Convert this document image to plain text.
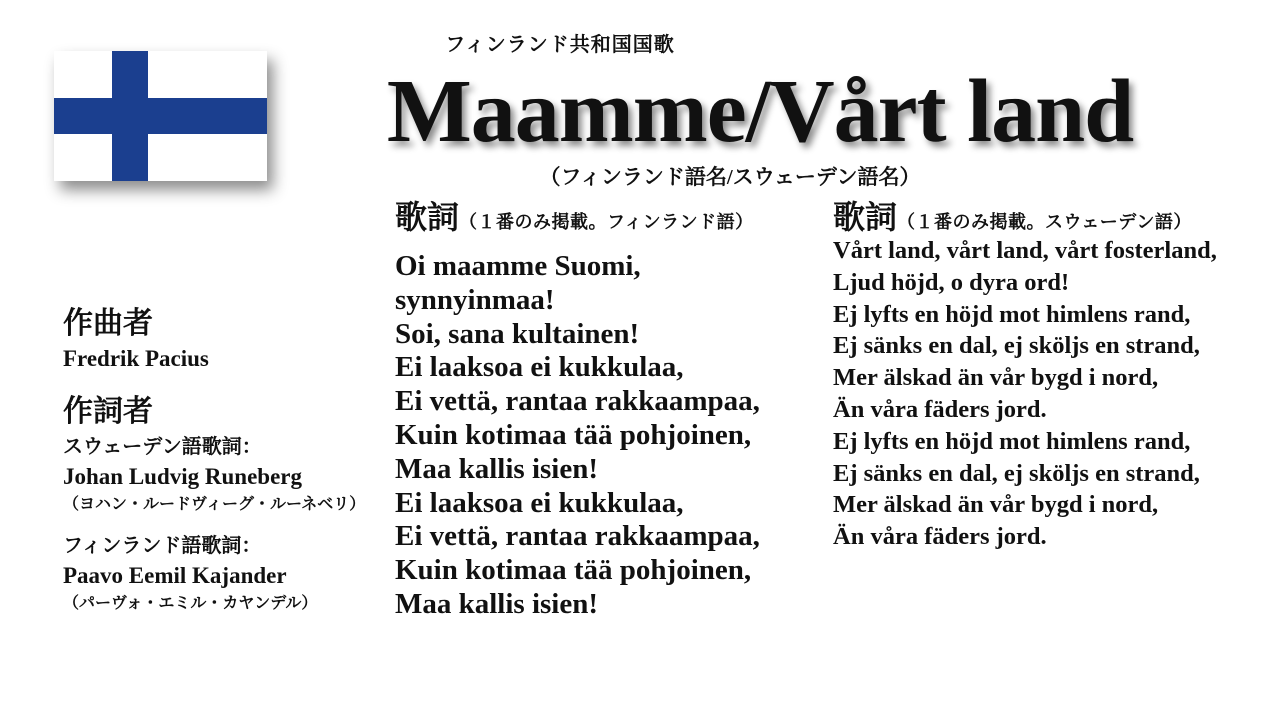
フィンランド共和国国歌
Maamme/Vårt land
（フィンランド語名/スウェーデン語名）
歌詞（１番のみ掲載。フィンランド語） 歌詞（１番のみ掲載。スウェーデン語）
Oi maamme Suomi,
synnyinmaa!
Soi, sana kultainen!
Ei laaksoa ei kukkulaa,
Ei vettä, rantaa rakkaampaa,
Kuin kotimaa tää pohjoinen,
Maa kallis isien!
Ei laaksoa ei kukkulaa,
Ei vettä, rantaa rakkaampaa,
Kuin kotimaa tää pohjoinen,
Maa kallis isien!
Vårt land, vårt land, vårt fosterland,
Ljud höjd, o dyra ord!
Ej lyfts en höjd mot himlens rand,
Ej sänks en dal, ej sköljs en strand,
Mer älskad än vår bygd i nord,
Än våra fäders jord.
Ej lyfts en höjd mot himlens rand,
Ej sänks en dal, ej sköljs en strand,
Mer älskad än vår bygd i nord,
Än våra fäders jord.
作曲者
Fredrik Pacius
作詞者
スウェーデン語歌詞：
Johan Ludvig Runeberg
（ヨハン・ルードヴィーグ・ルーネベリ）
フィンランド語歌詞：
Paavo Eemil Kajander
（パーヴォ・エミル・カヤンデル）
